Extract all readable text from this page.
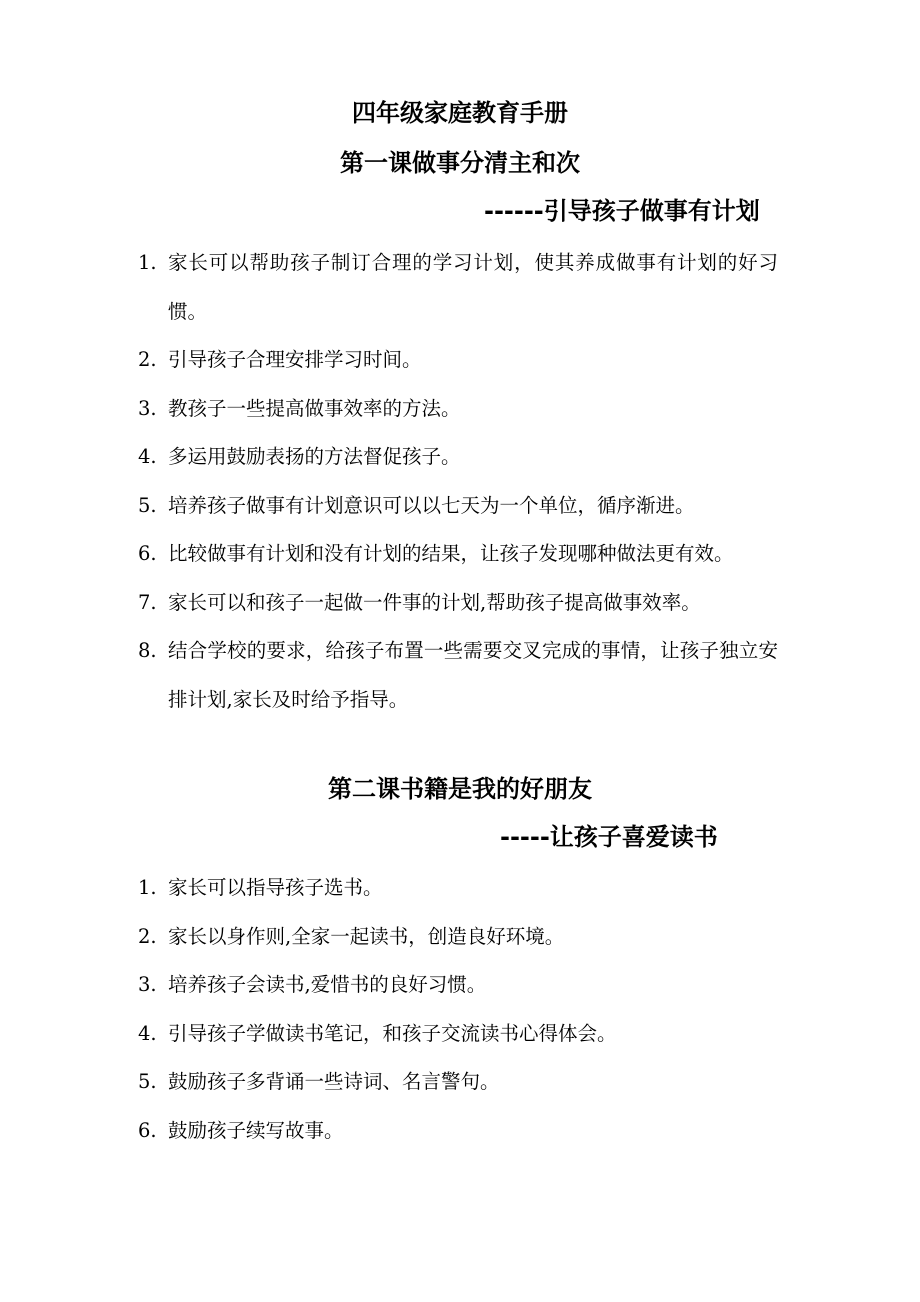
四年级家庭教育手册
第一课做事分清主和次
------引导孩子做事有计划
1. 家长可以帮助孩子制订合理的学习计划，使其养成做事有计划的好习惯。
2. 引导孩子合理安排学习时间。
3. 教孩子一些提高做事效率的方法。
4. 多运用鼓励表扬的方法督促孩子。
5. 培养孩子做事有计划意识可以以七天为一个单位，循序渐进。
6. 比较做事有计划和没有计划的结果，让孩子发现哪种做法更有效。
7. 家长可以和孩子一起做一件事的计划,帮助孩子提高做事效率。
8. 结合学校的要求，给孩子布置一些需要交叉完成的事情，让孩子独立安排计划,家长及时给予指导。
第二课书籍是我的好朋友
-----让孩子喜爱读书
1. 家长可以指导孩子选书。
2. 家长以身作则,全家一起读书，创造良好环境。
3. 培养孩子会读书,爱惜书的良好习惯。
4. 引导孩子学做读书笔记，和孩子交流读书心得体会。
5. 鼓励孩子多背诵一些诗词、名言警句。
6. 鼓励孩子续写故事。
